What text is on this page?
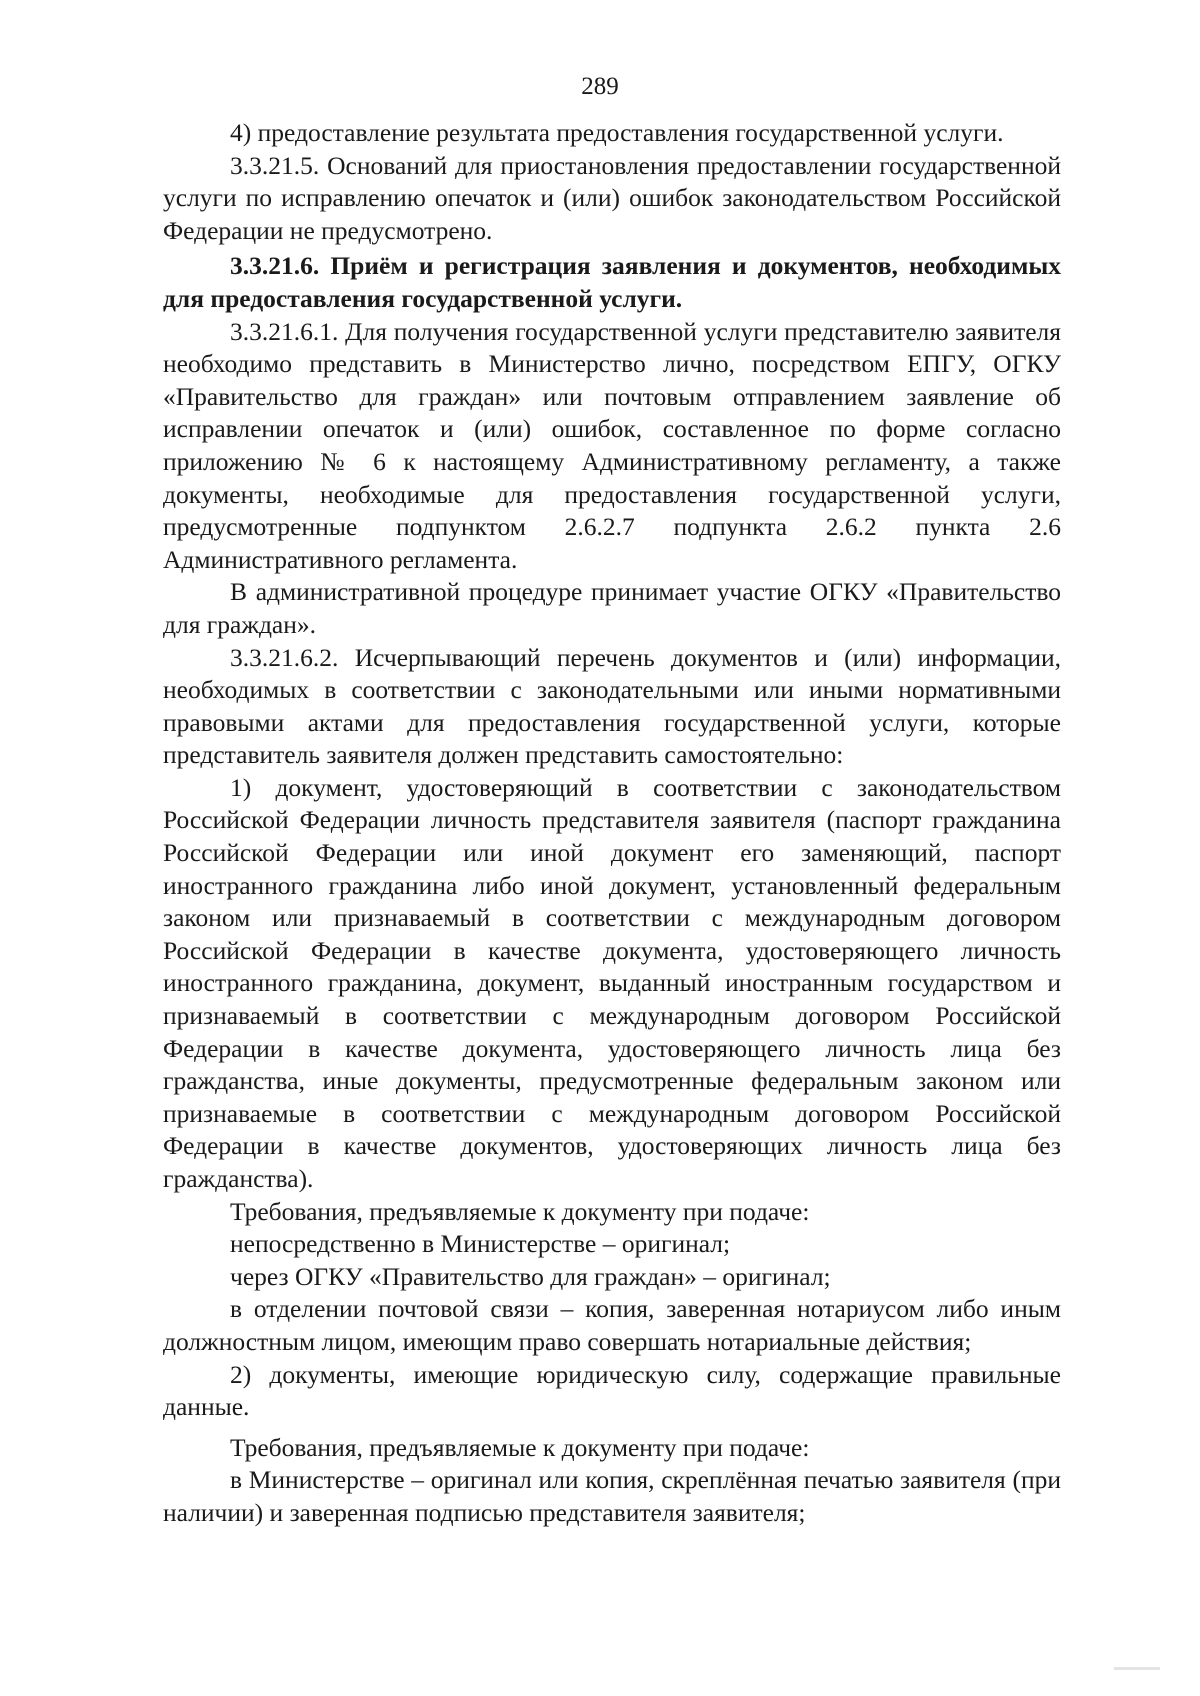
289

4) предоставление результата предоставления государственной услуги.

3.3.21.5. Оснований для приостановления предоставлении государственной услуги по исправлению опечаток и (или) ошибок законодательством Российской Федерации не предусмотрено.

3.3.21.6. Приём и регистрация заявления и документов, необходимых для предоставления государственной услуги.

3.3.21.6.1. Для получения государственной услуги представителю заявителя необходимо представить в Министерство лично, посредством ЕПГУ, ОГКУ «Правительство для граждан» или почтовым отправлением заявление об исправлении опечаток и (или) ошибок, составленное по форме согласно приложению № 6 к настоящему Административному регламенту, а также документы, необходимые для предоставления государственной услуги, предусмотренные подпунктом 2.6.2.7 подпункта 2.6.2 пункта 2.6 Административного регламента.

В административной процедуре принимает участие ОГКУ «Правительство для граждан».

3.3.21.6.2. Исчерпывающий перечень документов и (или) информации, необходимых в соответствии с законодательными или иными нормативными правовыми актами для предоставления государственной услуги, которые представитель заявителя должен представить самостоятельно:

1) документ, удостоверяющий в соответствии с законодательством Российской Федерации личность представителя заявителя (паспорт гражданина Российской Федерации или иной документ его заменяющий, паспорт иностранного гражданина либо иной документ, установленный федеральным законом или признаваемый в соответствии с международным договором Российской Федерации в качестве документа, удостоверяющего личность иностранного гражданина, документ, выданный иностранным государством и признаваемый в соответствии с международным договором Российской Федерации в качестве документа, удостоверяющего личность лица без гражданства, иные документы, предусмотренные федеральным законом или признаваемые в соответствии с международным договором Российской Федерации в качестве документов, удостоверяющих личность лица без гражданства).

Требования, предъявляемые к документу при подаче:

непосредственно в Министерстве – оригинал;

через ОГКУ «Правительство для граждан» – оригинал;

в отделении почтовой связи – копия, заверенная нотариусом либо иным должностным лицом, имеющим право совершать нотариальные действия;

2) документы, имеющие юридическую силу, содержащие правильные данные.

Требования, предъявляемые к документу при подаче:

в Министерстве – оригинал или копия, скреплённая печатью заявителя (при наличии) и заверенная подписью представителя заявителя;
